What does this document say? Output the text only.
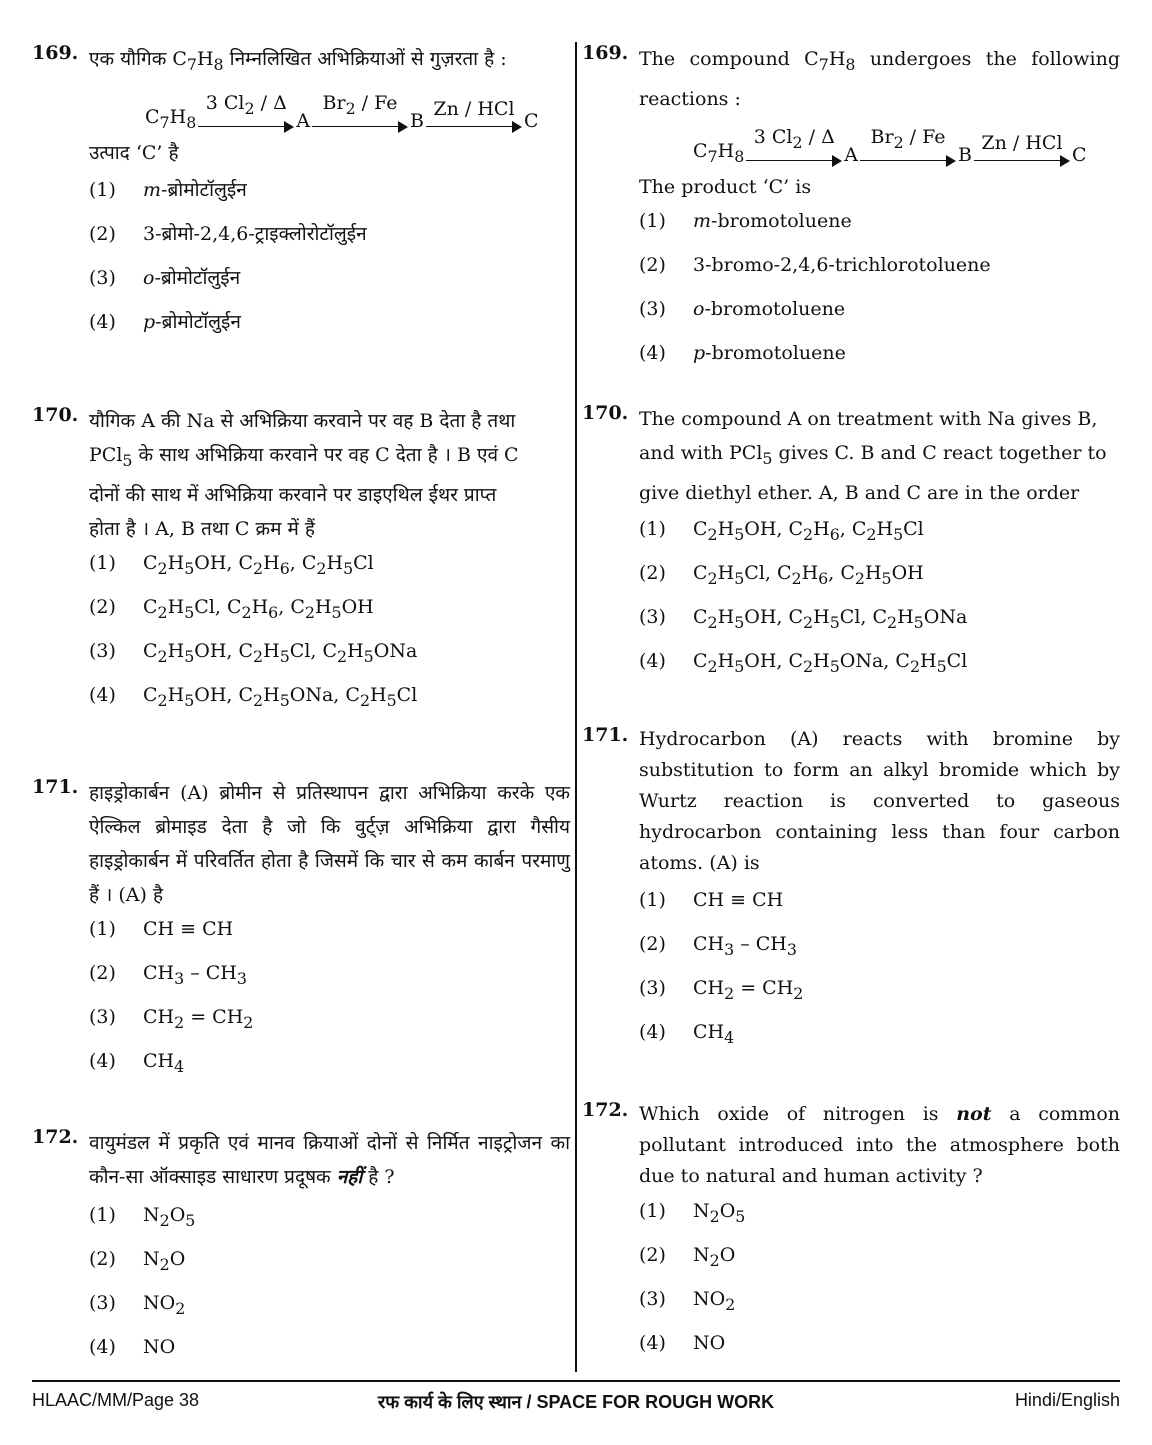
169. एक यौगिक $C_7H_8$ निम्नलिखित अभिक्रियाओं से गुज़रता है :
$C_7H_8$
3 $Cl_2$ / Δ
A
$Br_2$ / Fe
B
Zn / HCl
C
उत्पाद ‘C’ है
(1)	m-ब्रोमोटॉलुईन
(2)	3-ब्रोमो-2,4,6-ट्राइक्लोरोटॉलुईन
(3)	o-ब्रोमोटॉलुईन
(4)	p-ब्रोमोटॉलुईन
170. यौगिक A की Na से अभिक्रिया करवाने पर वह B देता है तथा
PCl$_5$ के साथ अभिक्रिया करवाने पर वह C देता है । B एवं C
दोनों की साथ में अभिक्रिया करवाने पर डाइएथिल ईथर प्राप्त
होता है । A, B तथा C क्रम में हैं
(1)	$C_2H_5OH$, $C_2H_6$, $C_2H_5Cl$
(2)	$C_2H_5Cl$, $C_2H_6$, $C_2H_5OH$
(3)	$C_2H_5OH$, $C_2H_5Cl$, $C_2H_5ONa$
(4)	$C_2H_5OH$, $C_2H_5ONa$, $C_2H_5Cl$
171. हाइड्रोकार्बन (A) ब्रोमीन से प्रतिस्थापन द्वारा अभिक्रिया करके एक ऐल्किल ब्रोमाइड देता है जो कि वुर्ट्ज़ अभिक्रिया द्वारा गैसीय हाइड्रोकार्बन में परिवर्तित होता है जिसमें कि चार से कम कार्बन परमाणु हैं । (A) है
(1)	CH ≡ CH
(2)	$CH_3 - CH_3$
(3)	$CH_2 = CH_2$
(4)	$CH_4$
172. वायुमंडल में प्रकृति एवं मानव क्रियाओं दोनों से निर्मित नाइट्रोजन का कौन-सा ऑक्साइड साधारण प्रदूषक नहीं है ?
(1)	$N_2O_5$
(2)	$N_2O$
(3)	$NO_2$
(4)	NO
169. The compound $C_7H_8$ undergoes the following reactions :
$C_7H_8$
3 $Cl_2$ / Δ
A
$Br_2$ / Fe
B
Zn / HCl
C
The product ‘C’ is
(1)	m-bromotoluene
(2)	3-bromo-2,4,6-trichlorotoluene
(3)	o-bromotoluene
(4)	p-bromotoluene
170. The compound A on treatment with Na gives B,
and with PCl$_5$ gives C. B and C react together to
give diethyl ether. A, B and C are in the order
(1)	$C_2H_5OH$, $C_2H_6$, $C_2H_5Cl$
(2)	$C_2H_5Cl$, $C_2H_6$, $C_2H_5OH$
(3)	$C_2H_5OH$, $C_2H_5Cl$, $C_2H_5ONa$
(4)	$C_2H_5OH$, $C_2H_5ONa$, $C_2H_5Cl$
171. Hydrocarbon (A) reacts with bromine by substitution to form an alkyl bromide which by Wurtz reaction is converted to gaseous hydrocarbon containing less than four carbon atoms. (A) is
(1)	CH ≡ CH
(2)	$CH_3 - CH_3$
(3)	$CH_2 = CH_2$
(4)	$CH_4$
172. Which oxide of nitrogen is not a common pollutant introduced into the atmosphere both due to natural and human activity ?
(1)	$N_2O_5$
(2)	$N_2O$
(3)	$NO_2$
(4)	NO
HLAAC/MM/Page 38	रफ कार्य के लिए स्थान / SPACE FOR ROUGH WORK	Hindi/English
